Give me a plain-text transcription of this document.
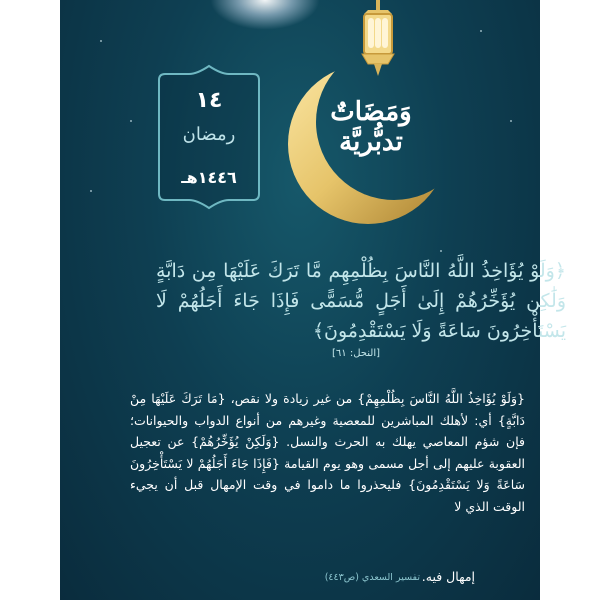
١٤
رمضان
١٤٤٦هـ
وَمَضَاتٌ
تدبُّريَّة
﴿وَلَوْ يُؤَاخِذُ اللَّهُ النَّاسَ بِظُلْمِهِم مَّا تَرَكَ عَلَيْهَا مِن دَابَّةٍ وَلَٰكِن يُؤَخِّرُهُمْ إِلَىٰ أَجَلٍ مُّسَمًّى فَإِذَا جَاءَ أَجَلُهُمْ لَا يَسْتَأْخِرُونَ سَاعَةً وَلَا يَسْتَقْدِمُونَ﴾
[النحل: ٦١]
{وَلَوْ يُؤَاخِذُ اللَّهُ النَّاسَ بِظُلْمِهِمْ} من غير زيادة ولا نقص، {مَا تَرَكَ عَلَيْهَا مِنْ دَابَّةٍ} أي: لأهلك المباشرين للمعصية وغيرهم من أنواع الدواب والحيوانات؛ فإن شؤم المعاصي يهلك به الحرث والنسل. {وَلَكِنْ يُؤَخِّرُهُمْ} عن تعجيل العقوبة عليهم إلى أجل مسمى وهو يوم القيامة {فَإِذَا جَاءَ أَجَلُهُمْ لا يَسْتَأْخِرُونَ سَاعَةً وَلا يَسْتَقْدِمُونَ} فليحذروا ما داموا في وقت الإمهال قبل أن يجيء الوقت الذي لا
إمهال فيه.
تفسير السعدي (ص٤٤٣)
